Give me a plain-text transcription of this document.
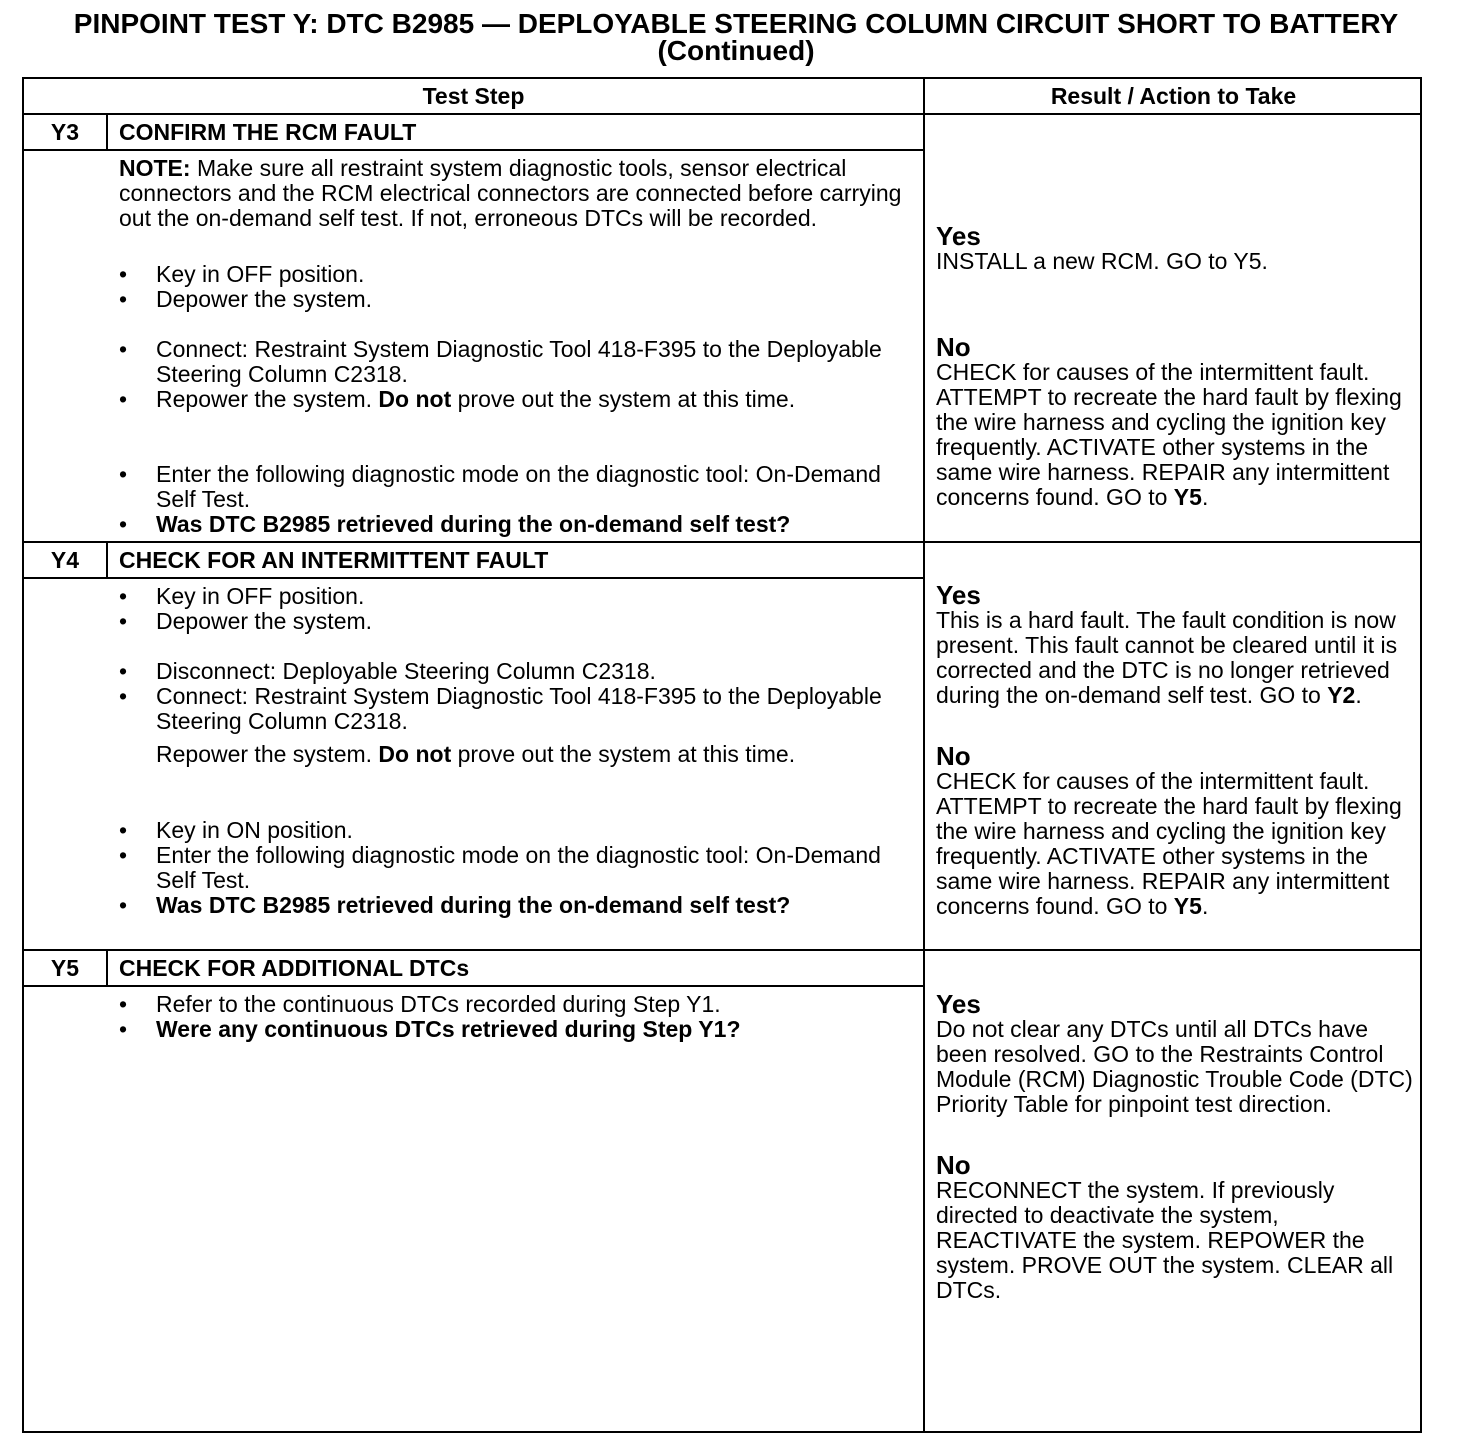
PINPOINT TEST Y: DTC B2985 — DEPLOYABLE STEERING COLUMN CIRCUIT SHORT TO BATTERY
(Continued)
Test Step	Result / Action to Take
Y3	CONFIRM THE RCM FAULT
NOTE: Make sure all restraint system diagnostic tools, sensor electrical connectors and the RCM electrical connectors are connected before carrying out the on-demand self test. If not, erroneous DTCs will be recorded.
• Key in OFF position.
• Depower the system.
• Connect: Restraint System Diagnostic Tool 418-F395 to the Deployable Steering Column C2318.
• Repower the system. Do not prove out the system at this time.
• Enter the following diagnostic mode on the diagnostic tool: On-Demand Self Test.
• Was DTC B2985 retrieved during the on-demand self test?
Yes
INSTALL a new RCM. GO to Y5.
No
CHECK for causes of the intermittent fault. ATTEMPT to recreate the hard fault by flexing the wire harness and cycling the ignition key frequently. ACTIVATE other systems in the same wire harness. REPAIR any intermittent concerns found. GO to Y5.
Y4	CHECK FOR AN INTERMITTENT FAULT
• Key in OFF position.
• Depower the system.
• Disconnect: Deployable Steering Column C2318.
• Connect: Restraint System Diagnostic Tool 418-F395 to the Deployable Steering Column C2318.
Repower the system. Do not prove out the system at this time.
• Key in ON position.
• Enter the following diagnostic mode on the diagnostic tool: On-Demand Self Test.
• Was DTC B2985 retrieved during the on-demand self test?
Yes
This is a hard fault. The fault condition is now present. This fault cannot be cleared until it is corrected and the DTC is no longer retrieved during the on-demand self test. GO to Y2.
No
CHECK for causes of the intermittent fault. ATTEMPT to recreate the hard fault by flexing the wire harness and cycling the ignition key frequently. ACTIVATE other systems in the same wire harness. REPAIR any intermittent concerns found. GO to Y5.
Y5	CHECK FOR ADDITIONAL DTCs
• Refer to the continuous DTCs recorded during Step Y1.
• Were any continuous DTCs retrieved during Step Y1?
Yes
Do not clear any DTCs until all DTCs have been resolved. GO to the Restraints Control Module (RCM) Diagnostic Trouble Code (DTC) Priority Table for pinpoint test direction.
No
RECONNECT the system. If previously directed to deactivate the system, REACTIVATE the system. REPOWER the system. PROVE OUT the system. CLEAR all DTCs.
